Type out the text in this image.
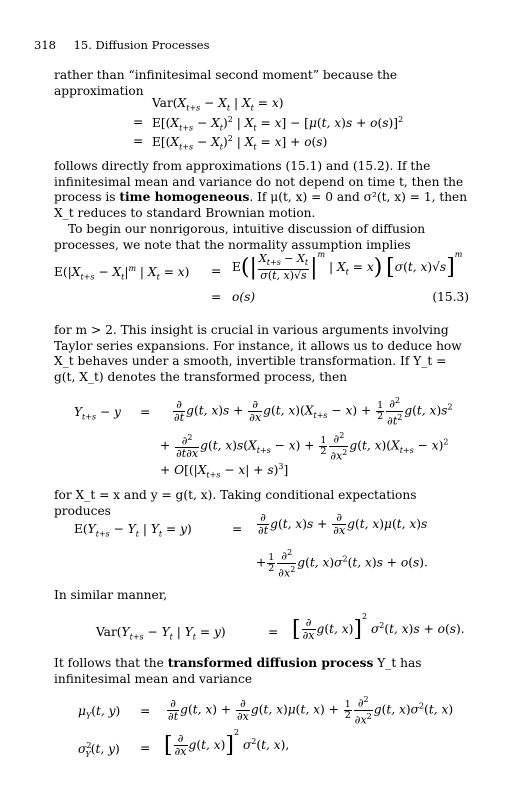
318 15. Diffusion Processes

rather than “infinitesimal second moment” because the approximation

$Var(X_{t+s} - X_t$ | $X_t = x$)
= $E[(X_{t+s} - X_t)^2$ | $X_t = x] - [\mu(t$, x)s + o(s)]$^2$
= $E[(X_{t+s} - X_t)^2$ | $X_t = x] + o(s)$

follows directly from approximations (15.1) and (15.2). If the infinitesimal mean and variance do not depend on time t, then the process is time homogeneous. If μ(t, x) = 0 and σ²(t, x) = 1, then X_t reduces to standard Brownian motion.

To begin our nonrigorous, intuitive discussion of diffusion processes, we note that the normality assumption implies

$E(|X_{t+s} - X_t|^m$ | $X_t = x) = E(| \frac{X_{t+s} - X_t}{\sigma(t, x)√s} |^m$ | $X_t = x$) [σ(t, x)√s]$^m$
= o(s)	(15.3)

for m > 2. This insight is crucial in various arguments involving Taylor series expansions. For instance, it allows us to deduce how X_t behaves under a smooth, invertible transformation. If Y_t = g(t, X_t) denotes the transformed process, then

$Y_{t+s} - y = \frac{\partial}{\partial t} g(t$, $x)s + \frac{\partial}{\partial x} g(t$, $x)(X_{t+s} - x) + \frac{1}{2} \frac{\partial^2}{\partial t^2} g(t$, $x)s^2$
+ $\frac{\partial^2}{\partial t\partial x} g(t$, $x)s(X_{t+s} - x) + \frac{1}{2} \frac{\partial^2}{\partial x^2} g(t$, $x)(X_{t+s} - x)^2$
+ $O[(|X_{t+s} - x| + s)^3]$

for X_t = x and y = g(t, x). Taking conditional expectations produces

$E(Y_{t+s} - Y_t$ | $Y_t = y$)	= $\frac{\partial}{\partial t} g(t$, $x)s + \frac{\partial}{\partial x} g(t$, x)μ(t, x)s
+ $\frac{1}{2} \frac{\partial^2}{\partial x^2} g(t$, $x)\sigma^2(t$, x)s + o(s).

In similar manner,

$Var(Y_{t+s} - Y_t$ | $Y_t = y$)	= [ $\frac{\partial}{\partial x} g(t$, x)]$^2$ $\sigma^2(t$, x)s + o(s).

It follows that the transformed diffusion process Y_t has infinitesimal mean and variance

$\mu_Y(t$, $y) = \frac{\partial}{\partial t} g(t$, $x) + \frac{\partial}{\partial x} g(t$, x)μ(t, $x) + \frac{1}{2} \frac{\partial^2}{\partial x^2} g(t$, $x)\sigma^2(t$, x)
$\sigma^2_Y(t$, y) = [ $\frac{\partial}{\partial x} g(t$, x)]$^2$ $\sigma^2(t$, x),
